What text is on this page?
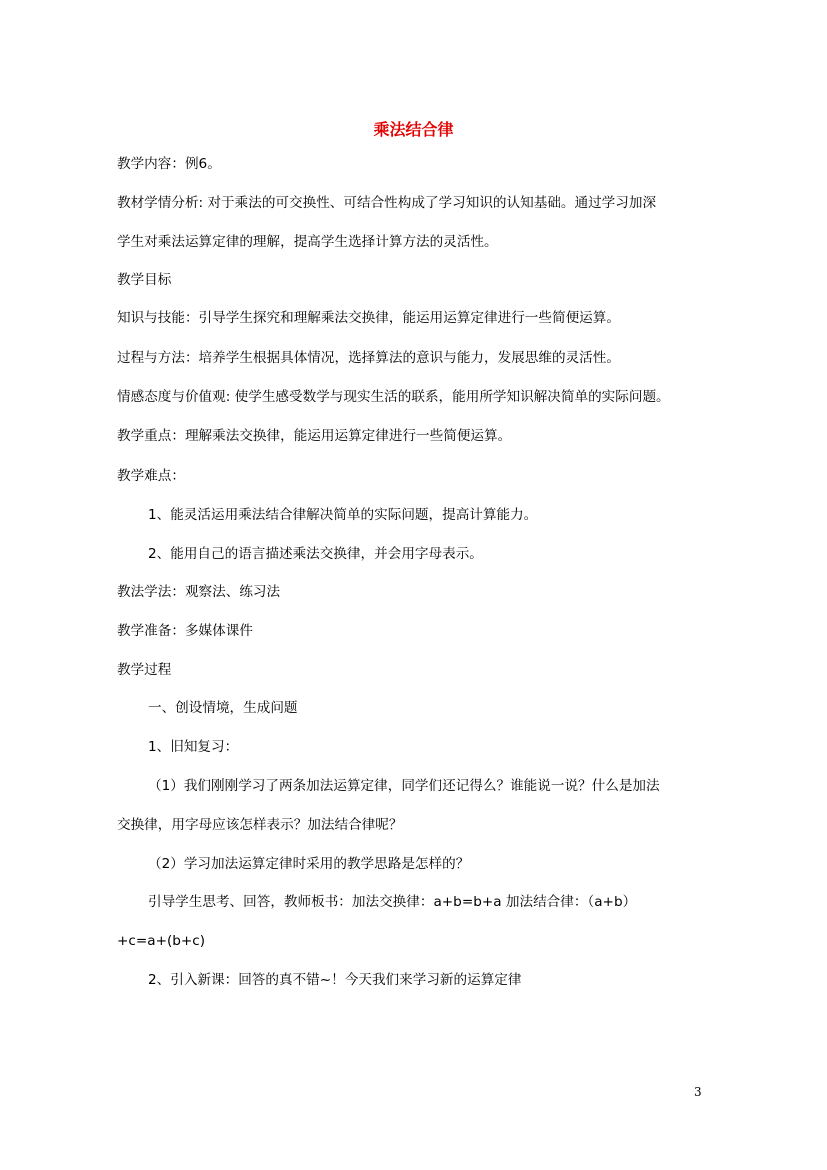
乘法结合律
教学内容：例6。
教材学情分析: 对于乘法的可交换性、可结合性构成了学习知识的认知基础。通过学习加深
学生对乘法运算定律的理解，提高学生选择计算方法的灵活性。
教学目标
知识与技能：引导学生探究和理解乘法交换律，能运用运算定律进行一些简便运算。
过程与方法：培养学生根据具体情况，选择算法的意识与能力，发展思维的灵活性。
情感态度与价值观: 使学生感受数学与现实生活的联系，能用所学知识解决简单的实际问题。
教学重点：理解乘法交换律，能运用运算定律进行一些简便运算。
教学难点：
1、能灵活运用乘法结合律解决简单的实际问题，提高计算能力。
2、能用自己的语言描述乘法交换律，并会用字母表示。
教法学法：观察法、练习法
教学准备：多媒体课件
教学过程
一、创设情境，生成问题
1、旧知复习：
（1）我们刚刚学习了两条加法运算定律，同学们还记得么？谁能说一说？什么是加法
交换律，用字母应该怎样表示？加法结合律呢？
（2）学习加法运算定律时采用的教学思路是怎样的？
引导学生思考、回答，教师板书：加法交换律：a+b=b+a 加法结合律：（a+b）
+c=a+(b+c)
2、引入新课：回答的真不错~！今天我们来学习新的运算定律
3
